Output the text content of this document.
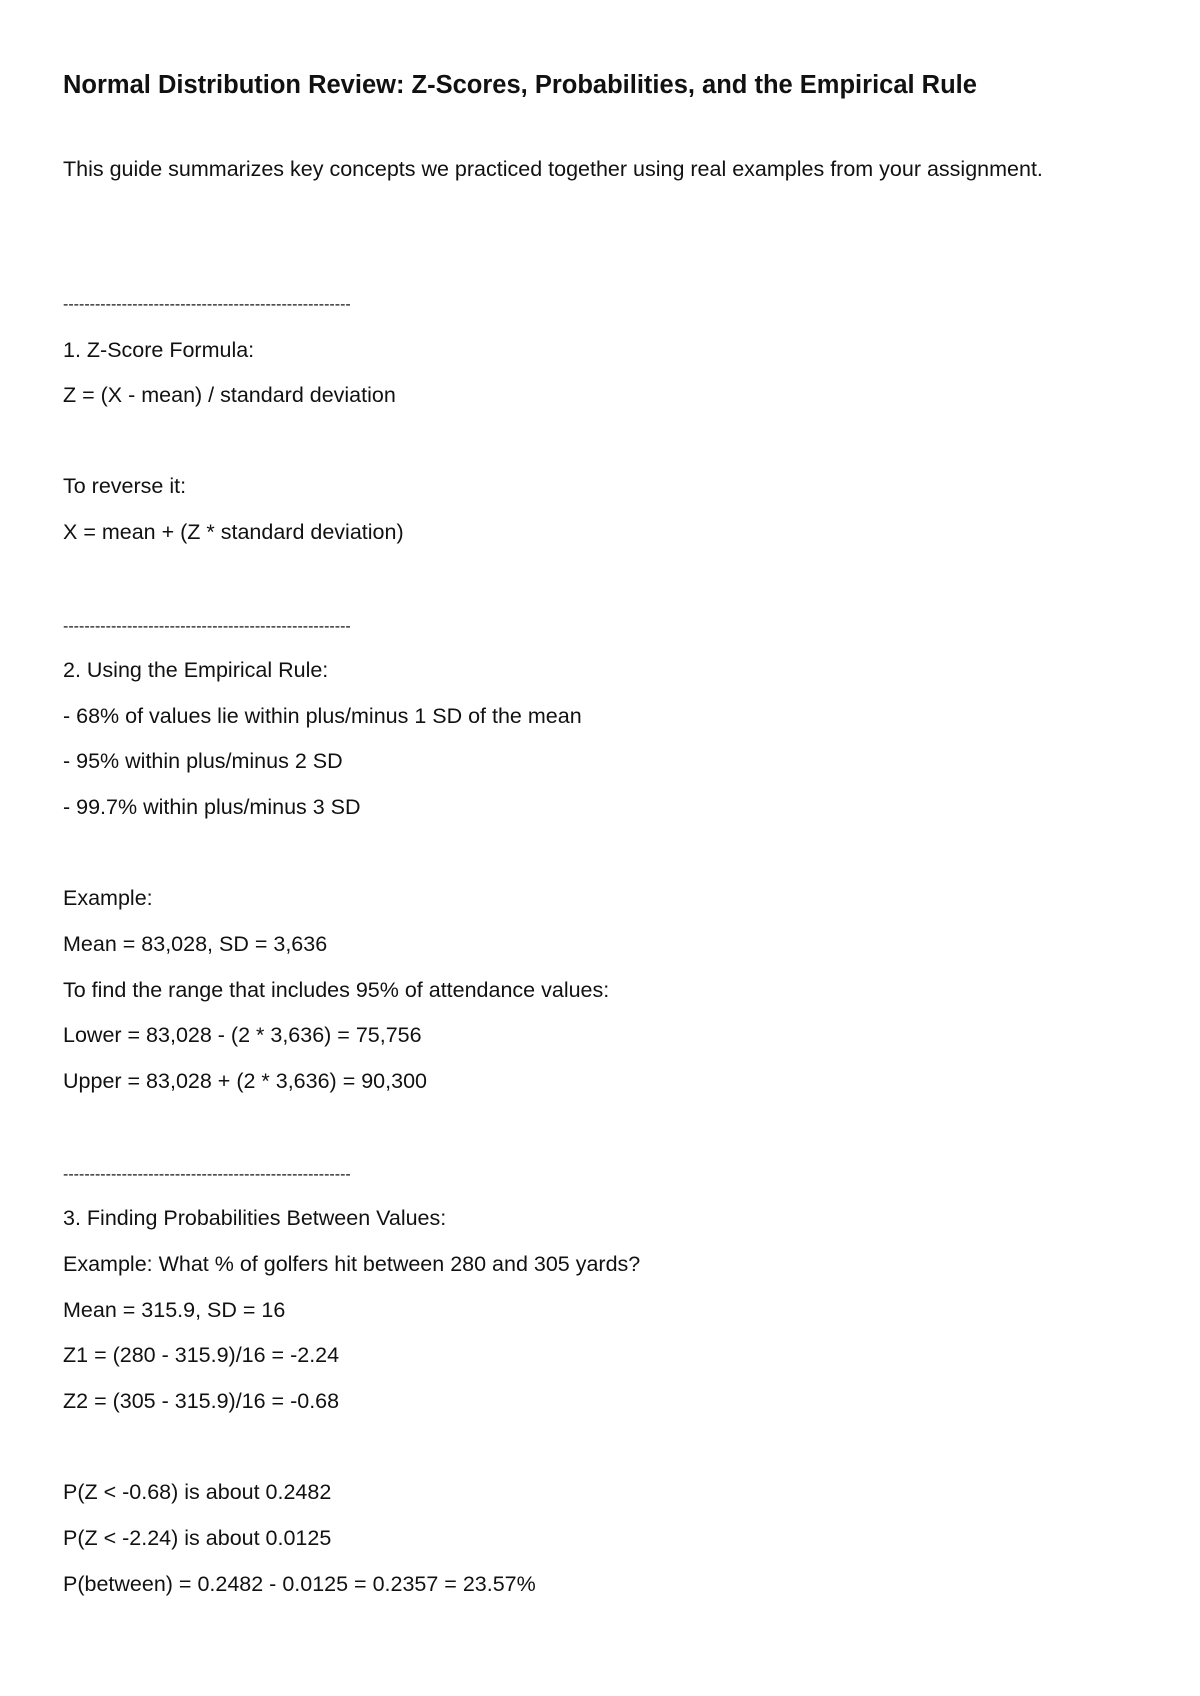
Normal Distribution Review: Z-Scores, Probabilities, and the Empirical Rule

This guide summarizes key concepts we practiced together using real examples from your assignment.

------------------------------------------------------
1. Z-Score Formula:
Z = (X - mean) / standard deviation
To reverse it:
X = mean + (Z * standard deviation)
------------------------------------------------------
2. Using the Empirical Rule:
- 68% of values lie within plus/minus 1 SD of the mean
- 95% within plus/minus 2 SD
- 99.7% within plus/minus 3 SD
Example:
Mean = 83,028, SD = 3,636
To find the range that includes 95% of attendance values:
Lower = 83,028 - (2 * 3,636) = 75,756
Upper = 83,028 + (2 * 3,636) = 90,300
------------------------------------------------------
3. Finding Probabilities Between Values:
Example: What % of golfers hit between 280 and 305 yards?
Mean = 315.9, SD = 16
Z1 = (280 - 315.9)/16 = -2.24
Z2 = (305 - 315.9)/16 = -0.68
P(Z < -0.68) is about 0.2482
P(Z < -2.24) is about 0.0125
P(between) = 0.2482 - 0.0125 = 0.2357 = 23.57%
